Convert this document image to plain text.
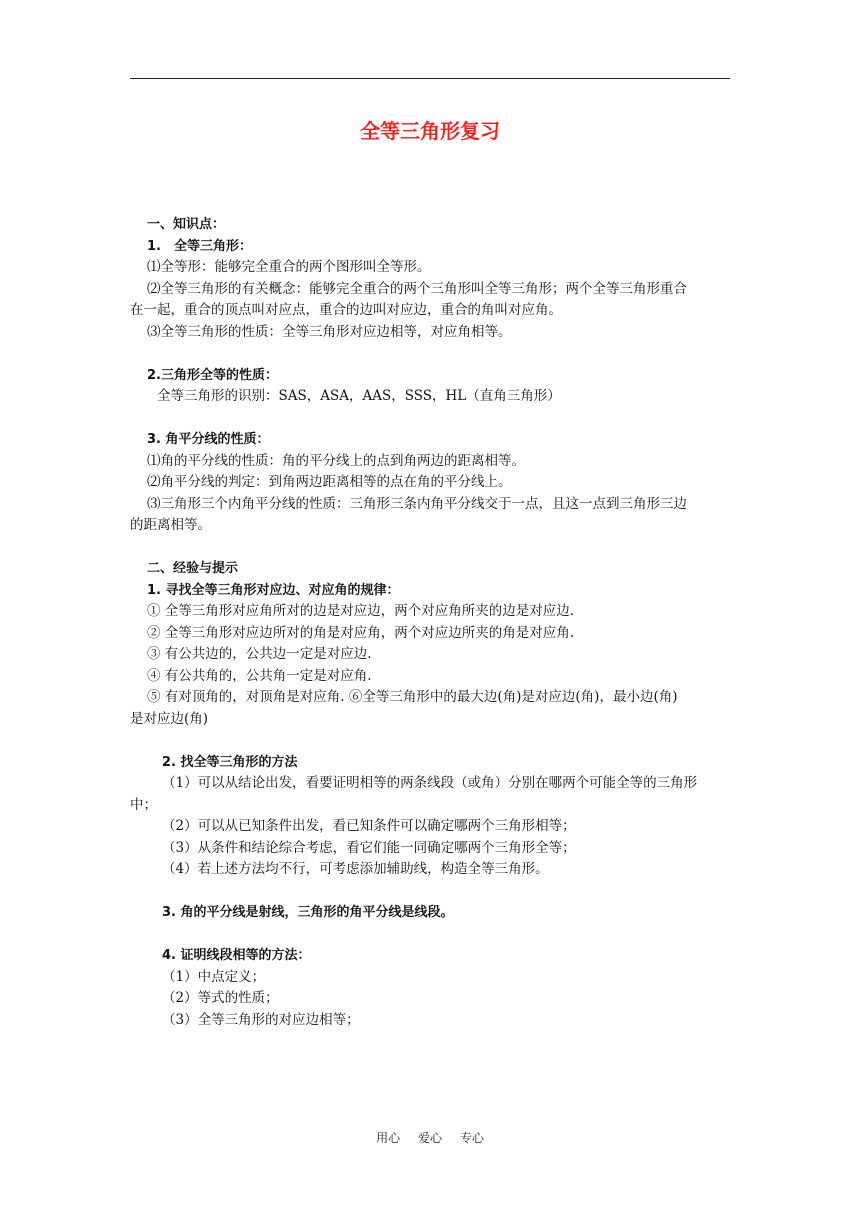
全等三角形复习
一、知识点：
1.　全等三角形：
⑴全等形：能够完全重合的两个图形叫全等形。
⑵全等三角形的有关概念：能够完全重合的两个三角形叫全等三角形；两个全等三角形重合
在一起，重合的顶点叫对应点，重合的边叫对应边，重合的角叫对应角。
⑶全等三角形的性质：全等三角形对应边相等，对应角相等。
2.三角形全等的性质：
全等三角形的识别：SAS，ASA，AAS，SSS，HL（直角三角形）
3. 角平分线的性质：
⑴角的平分线的性质：角的平分线上的点到角两边的距离相等。
⑵角平分线的判定：到角两边距离相等的点在角的平分线上。
⑶三角形三个内角平分线的性质：三角形三条内角平分线交于一点，且这一点到三角形三边
的距离相等。
二、经验与提示
1. 寻找全等三角形对应边、对应角的规律：
① 全等三角形对应角所对的边是对应边，两个对应角所夹的边是对应边.
② 全等三角形对应边所对的角是对应角，两个对应边所夹的角是对应角.
③ 有公共边的，公共边一定是对应边.
④ 有公共角的，公共角一定是对应角.
⑤ 有对顶角的，对顶角是对应角. ⑥全等三角形中的最大边(角)是对应边(角)，最小边(角)
是对应边(角)
2. 找全等三角形的方法
（1）可以从结论出发，看要证明相等的两条线段（或角）分别在哪两个可能全等的三角形
中；
（2）可以从已知条件出发，看已知条件可以确定哪两个三角形相等；
（3）从条件和结论综合考虑，看它们能一同确定哪两个三角形全等；
（4）若上述方法均不行，可考虑添加辅助线，构造全等三角形。
3. 角的平分线是射线，三角形的角平分线是线段。
4. 证明线段相等的方法：
（1）中点定义；
（2）等式的性质；
（3）全等三角形的对应边相等；
用心 爱心 专心
